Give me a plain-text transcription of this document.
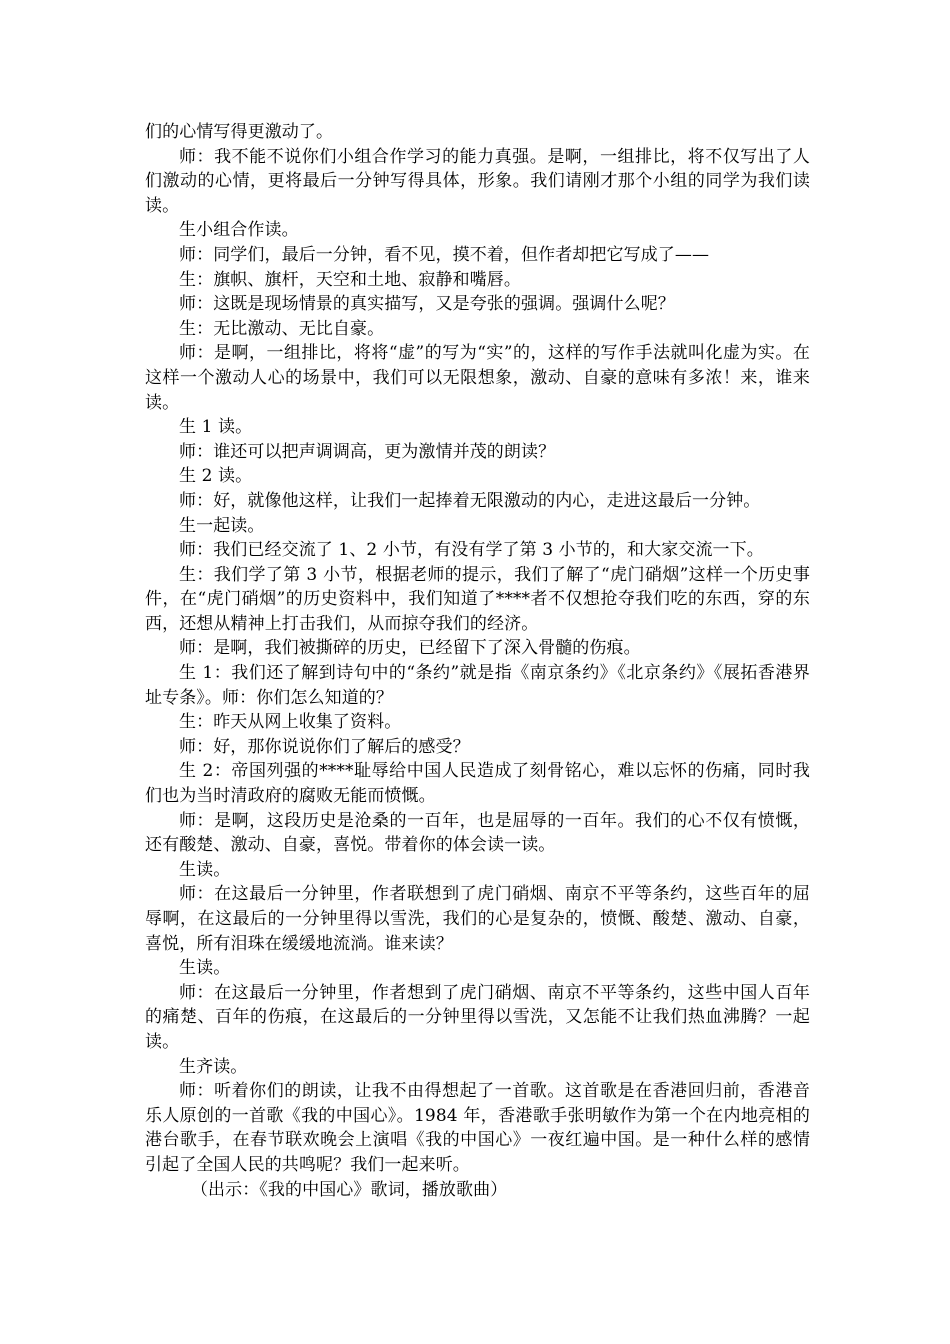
们的心情写得更激动了。

师：我不能不说你们小组合作学习的能力真强。是啊，一组排比，将不仅写出了人们激动的心情，更将最后一分钟写得具体，形象。我们请刚才那个小组的同学为我们读读。

生小组合作读。

师：同学们，最后一分钟，看不见，摸不着，但作者却把它写成了——

生：旗帜、旗杆，天空和土地、寂静和嘴唇。

师：这既是现场情景的真实描写，又是夸张的强调。强调什么呢？

生：无比激动、无比自豪。

师：是啊，一组排比，将将“虚”的写为“实”的，这样的写作手法就叫化虚为实。在这样一个激动人心的场景中，我们可以无限想象，激动、自豪的意味有多浓！来，谁来读。

生 1 读。

师：谁还可以把声调调高，更为激情并茂的朗读？

生 2 读。

师：好，就像他这样，让我们一起捧着无限激动的内心，走进这最后一分钟。

生一起读。

师：我们已经交流了 1、2 小节，有没有学了第 3 小节的，和大家交流一下。

生：我们学了第 3 小节，根据老师的提示，我们了解了“虎门硝烟”这样一个历史事件，在“虎门硝烟”的历史资料中，我们知道了****者不仅想抢夺我们吃的东西，穿的东西，还想从精神上打击我们，从而掠夺我们的经济。

师：是啊，我们被撕碎的历史，已经留下了深入骨髓的伤痕。

生 1：我们还了解到诗句中的“条约”就是指《南京条约》《北京条约》《展拓香港界址专条》。师：你们怎么知道的？

生：昨天从网上收集了资料。

师：好，那你说说你们了解后的感受？

生 2：帝国列强的****耻辱给中国人民造成了刻骨铭心，难以忘怀的伤痛，同时我们也为当时清政府的腐败无能而愤慨。

师：是啊，这段历史是沧桑的一百年，也是屈辱的一百年。我们的心不仅有愤慨，还有酸楚、激动、自豪，喜悦。带着你的体会读一读。

生读。

师：在这最后一分钟里，作者联想到了虎门硝烟、南京不平等条约，这些百年的屈辱啊，在这最后的一分钟里得以雪洗，我们的心是复杂的，愤慨、酸楚、激动、自豪，喜悦，所有泪珠在缓缓地流淌。谁来读？

生读。

师：在这最后一分钟里，作者想到了虎门硝烟、南京不平等条约，这些中国人百年的痛楚、百年的伤痕，在这最后的一分钟里得以雪洗，又怎能不让我们热血沸腾？一起读。

生齐读。

师：听着你们的朗读，让我不由得想起了一首歌。这首歌是在香港回归前，香港音乐人原创的一首歌《我的中国心》。1984 年，香港歌手张明敏作为第一个在内地亮相的港台歌手，在春节联欢晚会上演唱《我的中国心》一夜红遍中国。是一种什么样的感情引起了全国人民的共鸣呢？我们一起来听。

（出示：《我的中国心》歌词，播放歌曲）
